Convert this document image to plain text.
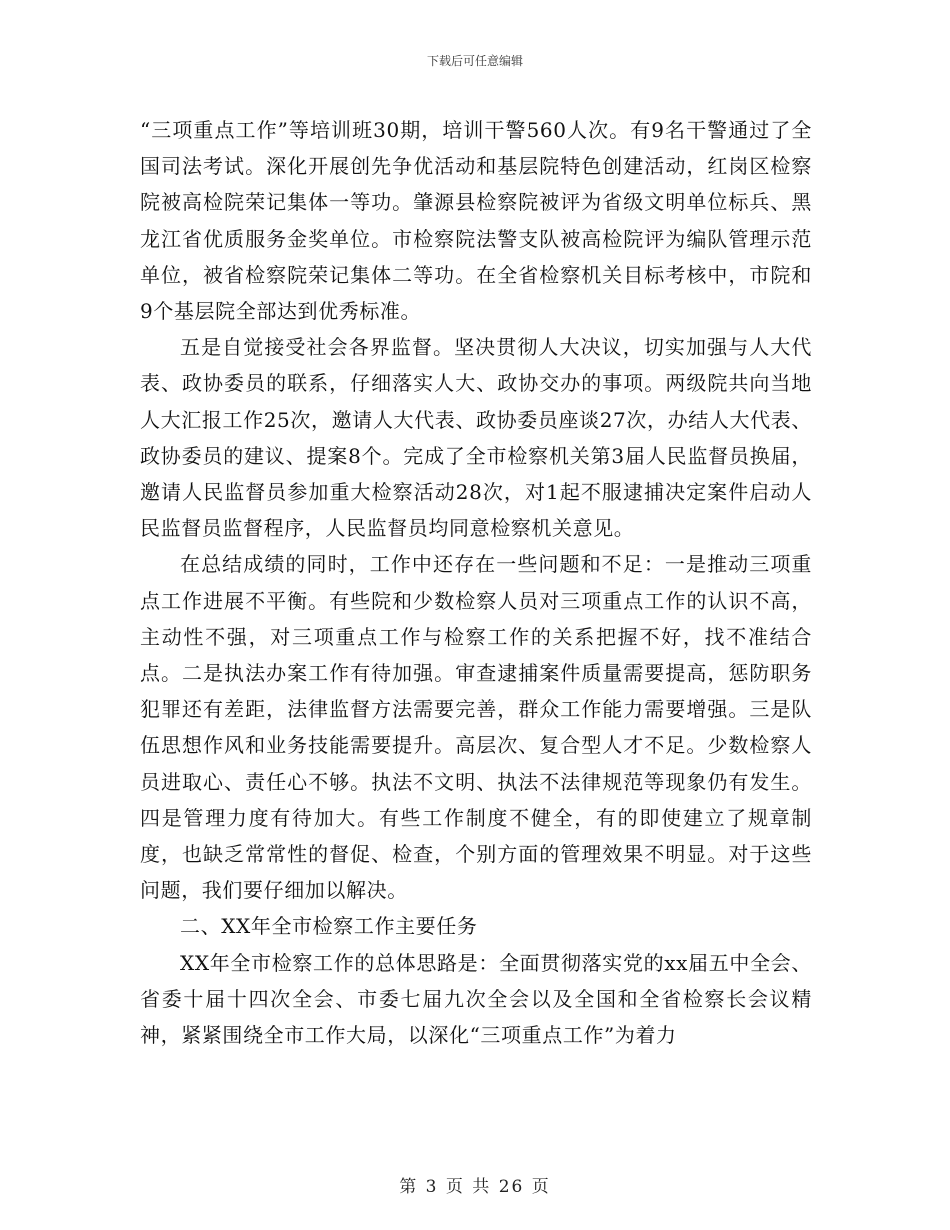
下载后可任意编辑

“三项重点工作”等培训班30期，培训干警560人次。有9名干警通过了全国司法考试。深化开展创先争优活动和基层院特色创建活动，红岗区检察院被高检院荣记集体一等功。肇源县检察院被评为省级文明单位标兵、黑龙江省优质服务金奖单位。市检察院法警支队被高检院评为编队管理示范单位，被省检察院荣记集体二等功。在全省检察机关目标考核中，市院和9个基层院全部达到优秀标准。

五是自觉接受社会各界监督。坚决贯彻人大决议，切实加强与人大代表、政协委员的联系，仔细落实人大、政协交办的事项。两级院共向当地人大汇报工作25次，邀请人大代表、政协委员座谈27次，办结人大代表、政协委员的建议、提案8个。完成了全市检察机关第3届人民监督员换届，邀请人民监督员参加重大检察活动28次，对1起不服逮捕决定案件启动人民监督员监督程序，人民监督员均同意检察机关意见。

在总结成绩的同时，工作中还存在一些问题和不足：一是推动三项重点工作进展不平衡。有些院和少数检察人员对三项重点工作的认识不高，主动性不强，对三项重点工作与检察工作的关系把握不好，找不准结合点。二是执法办案工作有待加强。审查逮捕案件质量需要提高，惩防职务犯罪还有差距，法律监督方法需要完善，群众工作能力需要增强。三是队伍思想作风和业务技能需要提升。高层次、复合型人才不足。少数检察人员进取心、责任心不够。执法不文明、执法不法律规范等现象仍有发生。四是管理力度有待加大。有些工作制度不健全，有的即使建立了规章制度，也缺乏常常性的督促、检查，个别方面的管理效果不明显。对于这些问题，我们要仔细加以解决。

二、XX年全市检察工作主要任务

XX年全市检察工作的总体思路是：全面贯彻落实党的xx届五中全会、省委十届十四次全会、市委七届九次全会以及全国和全省检察长会议精神，紧紧围绕全市工作大局，以深化“三项重点工作”为着力

第 3 页 共 26 页
